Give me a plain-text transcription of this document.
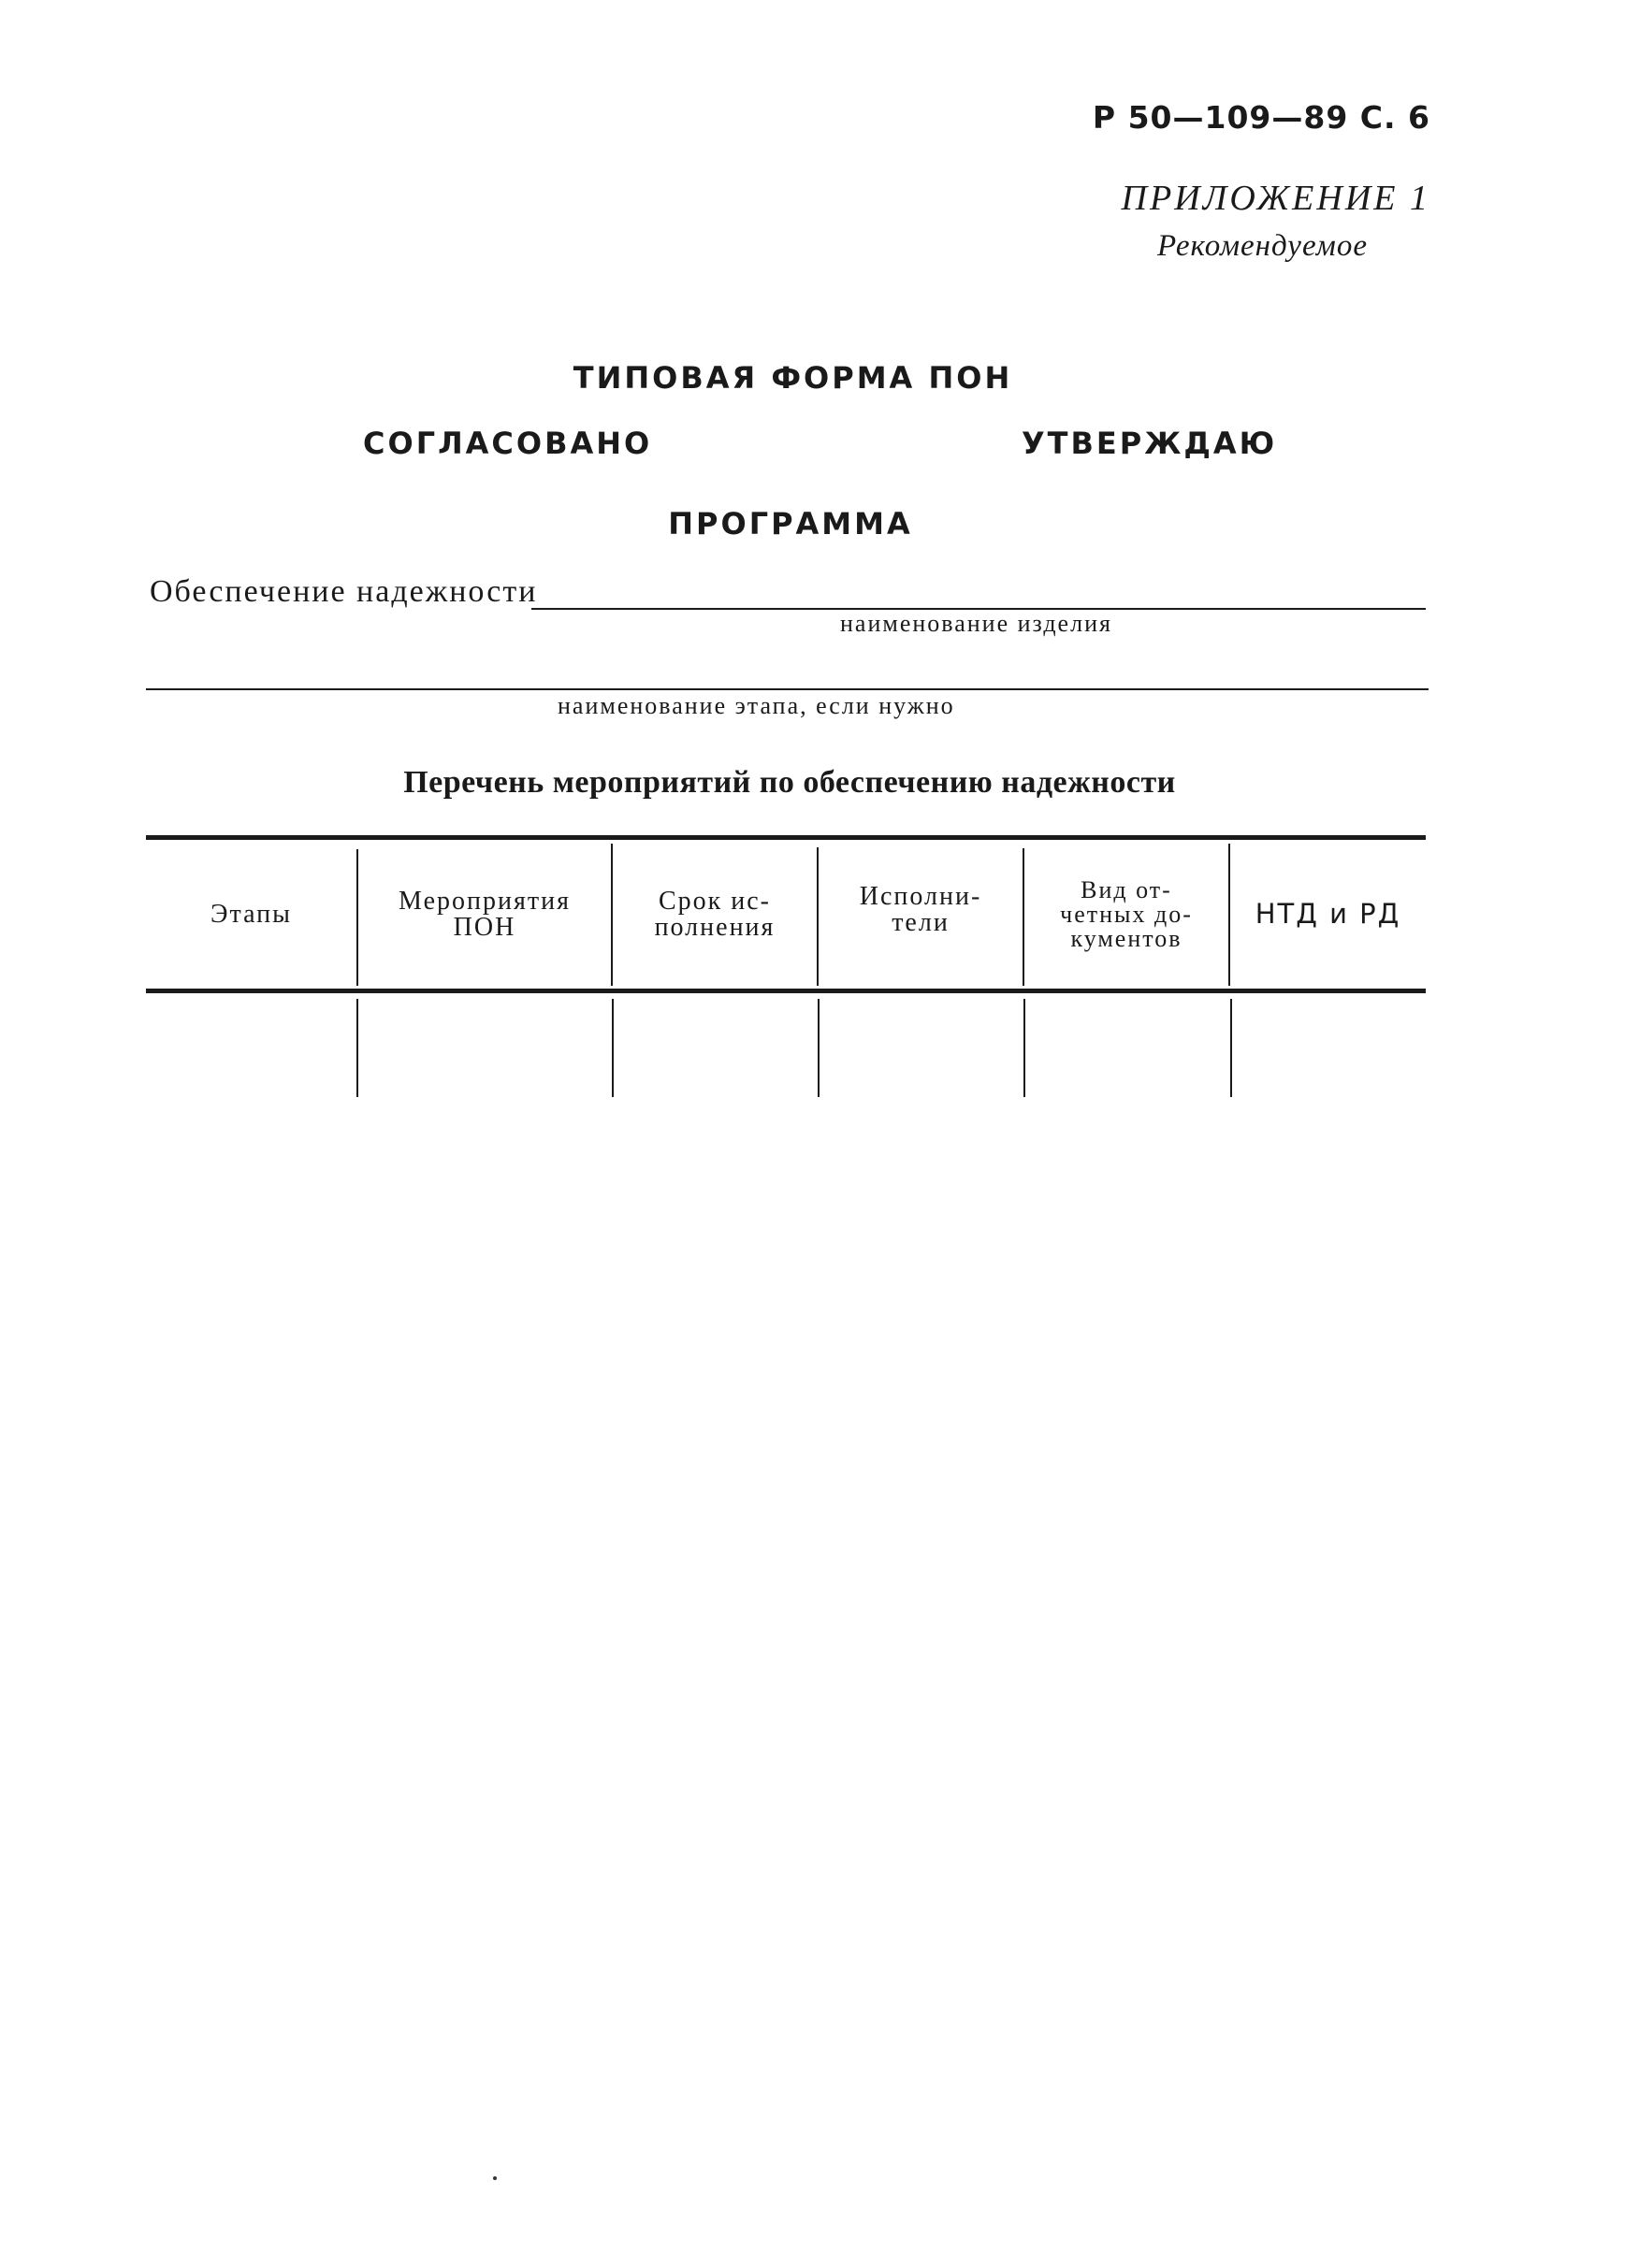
Р 50—109—89 С. 6
ПРИЛОЖЕНИЕ 1
Рекомендуемое
ТИПОВАЯ ФОРМА ПОН
СОГЛАСОВАНО	УТВЕРЖДАЮ
ПРОГРАММА
Обеспечение надежности
наименование изделия
наименование этапа, если нужно
Перечень мероприятий по обеспечению надежности
Этапы	Мероприятия
ПОН
Срок ис-
полнения
Исполни-
тели
Вид от-
четных до-
кументов
НТД и РД
